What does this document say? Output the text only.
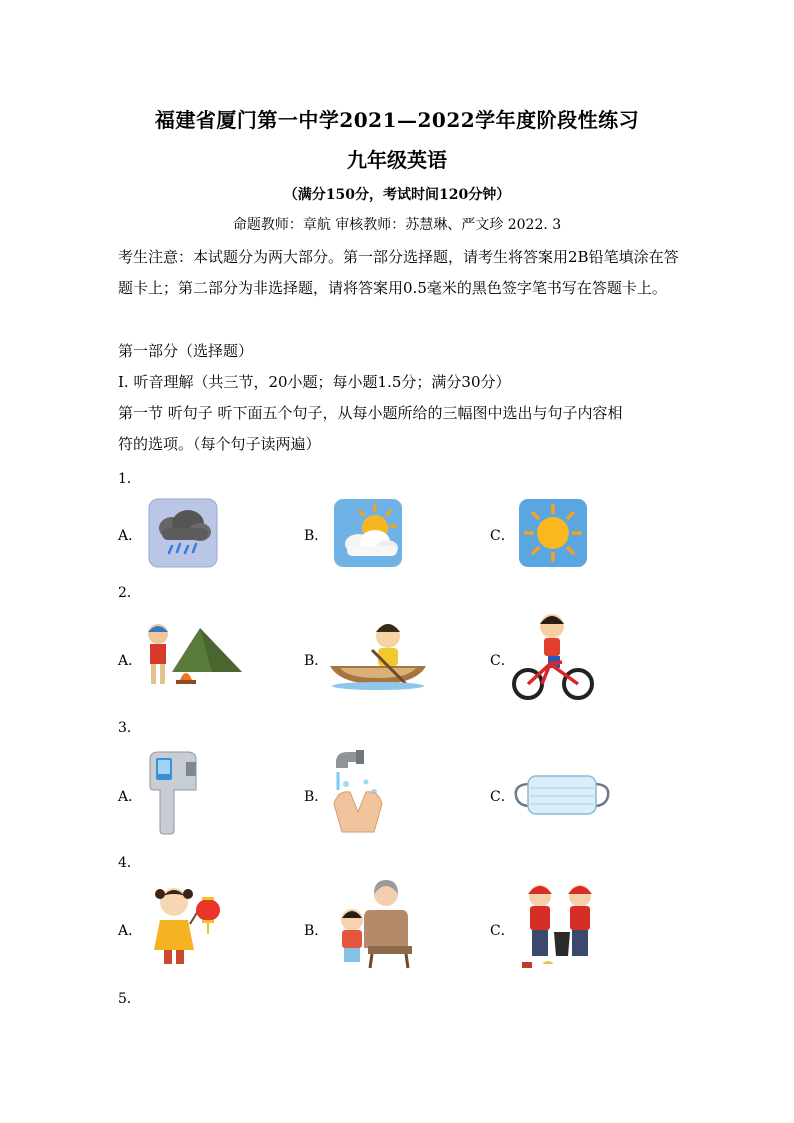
福建省厦门第一中学2021—2022学年度阶段性练习
九年级英语
（满分150分，考试时间120分钟）
命题教师：章航 审核教师：苏慧琳、严文珍 2022. 3
考生注意：本试题分为两大部分。第一部分选择题，请考生将答案用2B铅笔填涂在答题卡上；第二部分为非选择题，请将答案用0.5毫米的黑色签字笔书写在答题卡上。
第一部分（选择题）
I. 听音理解（共三节，20小题；每小题1.5分；满分30分）
第一节 听句子 听下面五个句子，从每小题所给的三幅图中选出与句子内容相
符的选项。（每个句子读两遍）
1．
A．	B．	C．
2．
A．	B．	C．
3．
A．	B．	C．
4．
A．	B．	C．
5．
